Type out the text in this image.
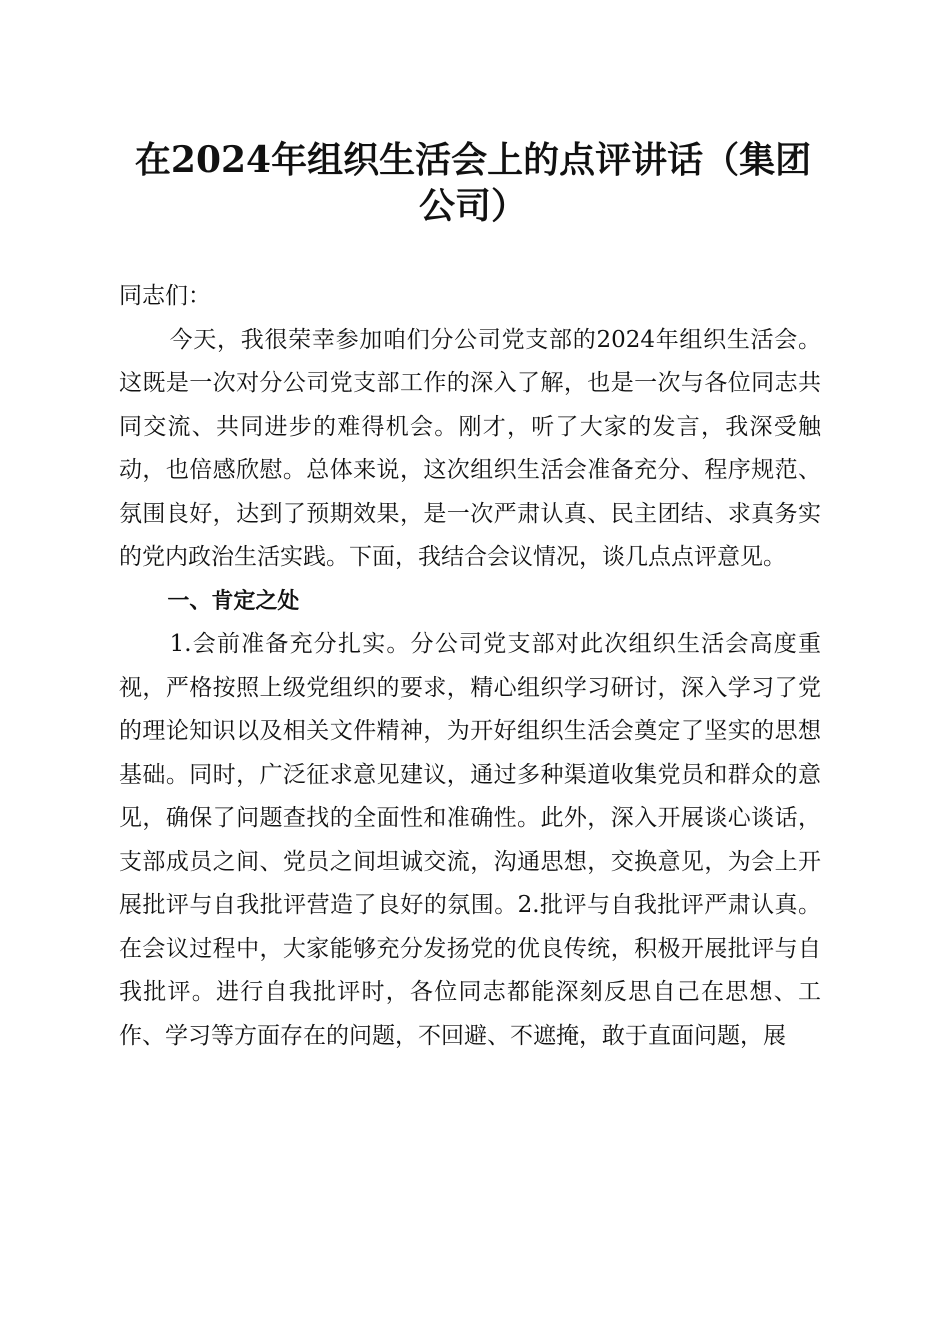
在2024年组织生活会上的点评讲话（集团公司）

同志们：

今天，我很荣幸参加咱们分公司党支部的2024年组织生活会。这既是一次对分公司党支部工作的深入了解，也是一次与各位同志共同交流、共同进步的难得机会。刚才，听了大家的发言，我深受触动，也倍感欣慰。总体来说，这次组织生活会准备充分、程序规范、氛围良好，达到了预期效果，是一次严肃认真、民主团结、求真务实的党内政治生活实践。下面，我结合会议情况，谈几点点评意见。

一、肯定之处

1.会前准备充分扎实。分公司党支部对此次组织生活会高度重视，严格按照上级党组织的要求，精心组织学习研讨，深入学习了党的理论知识以及相关文件精神，为开好组织生活会奠定了坚实的思想基础。同时，广泛征求意见建议，通过多种渠道收集党员和群众的意见，确保了问题查找的全面性和准确性。此外，深入开展谈心谈话，支部成员之间、党员之间坦诚交流，沟通思想，交换意见，为会上开展批评与自我批评营造了良好的氛围。2.批评与自我批评严肃认真。在会议过程中，大家能够充分发扬党的优良传统，积极开展批评与自我批评。进行自我批评时，各位同志都能深刻反思自己在思想、工作、学习等方面存在的问题，不回避、不遮掩，敢于直面问题，展
